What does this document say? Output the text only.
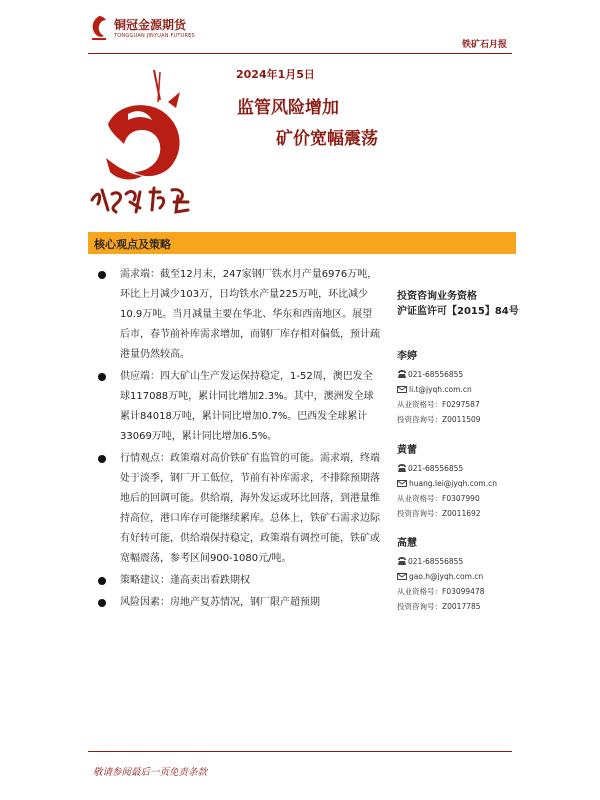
铜冠金源期货
TONGGUAN JINYUAN FUTURES
铁矿石月报
2024年1月5日
监管风险增加
矿价宽幅震荡
核心观点及策略
需求端：截至12月末，247家钢厂铁水月产量6976万吨，环比上月减少103万，日均铁水产量225万吨，环比减少10.9万吨。当月减量主要在华北、华东和西南地区。展望后市，春节前补库需求增加，而钢厂库存相对偏低，预计疏港量仍然较高。
供应端：四大矿山生产发运保持稳定，1-52周，澳巴发全球117088万吨，累计同比增加2.3%。其中，澳洲发全球累计84018万吨，累计同比增加0.7%。巴西发全球累计33069万吨，累计同比增加6.5%。
行情观点：政策端对高价铁矿有监管的可能。需求端，终端处于淡季，钢厂开工低位，节前有补库需求，不排除预期落地后的回调可能。供给端，海外发运或环比回落，到港量维持高位，港口库存可能继续累库。总体上，铁矿石需求边际有好转可能，供给端保持稳定，政策端有调控可能，铁矿或宽幅震荡，参考区间900-1080元/吨。
策略建议：逢高卖出看跌期权
风险因素：房地产复苏情况，钢厂限产超预期
投资咨询业务资格
沪证监许可【2015】84号
李婷
021-68556855
li.t@jyqh.com.cn
从业资格号：F0297587
投资咨询号：Z0011509
黄蕾
021-68556855
huang.lei@jyqh.com.cn
从业资格号：F0307990
投资咨询号：Z0011692
高慧
021-68556855
gao.h@jyqh.com.cn
从业资格号：F03099478
投资咨询号：Z0017785
敬请参阅最后一页免责条款
